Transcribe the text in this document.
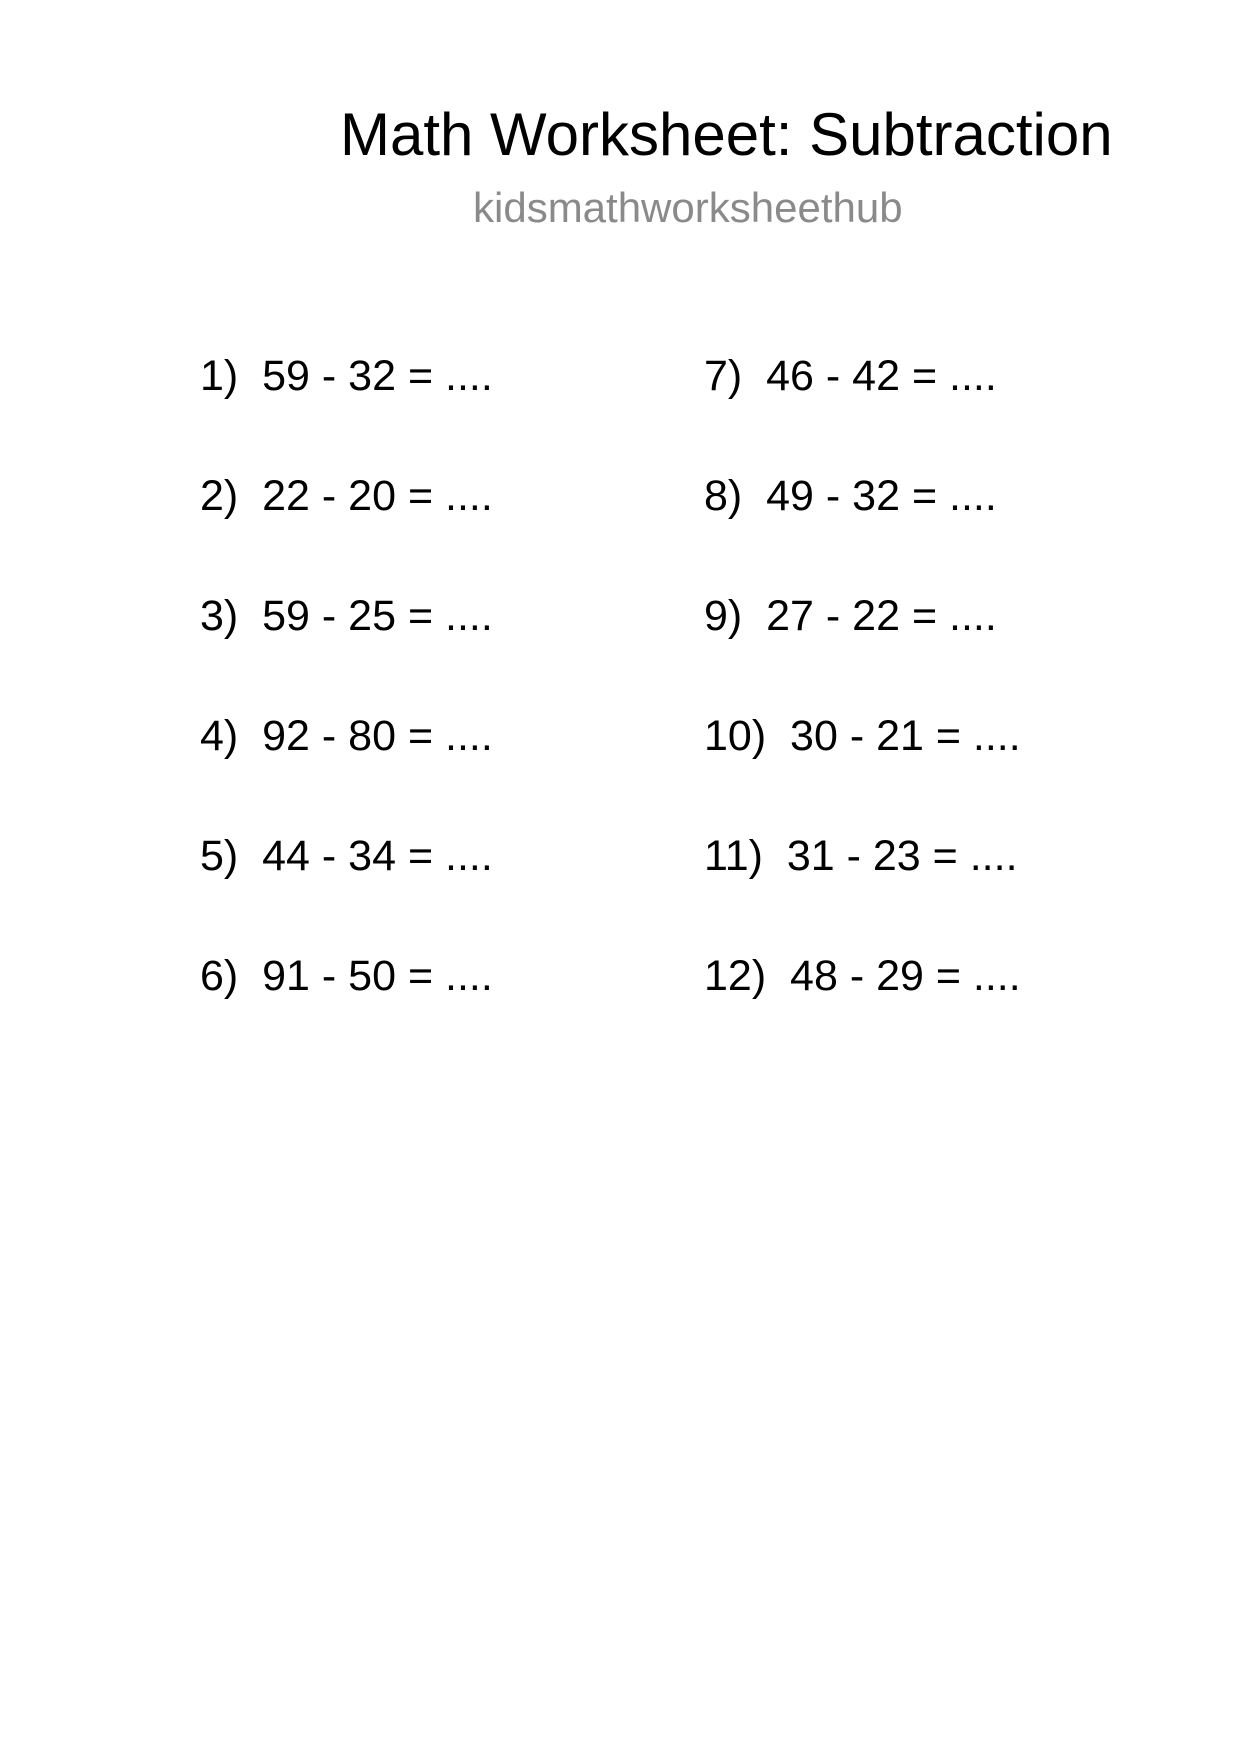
Math Worksheet: Subtraction
kidsmathworksheethub
1)  59 - 32 = ....
2)  22 - 20 = ....
3)  59 - 25 = ....
4)  92 - 80 = ....
5)  44 - 34 = ....
6)  91 - 50 = ....
7)  46 - 42 = ....
8)  49 - 32 = ....
9)  27 - 22 = ....
10)  30 - 21 = ....
11)  31 - 23 = ....
12)  48 - 29 = ....
